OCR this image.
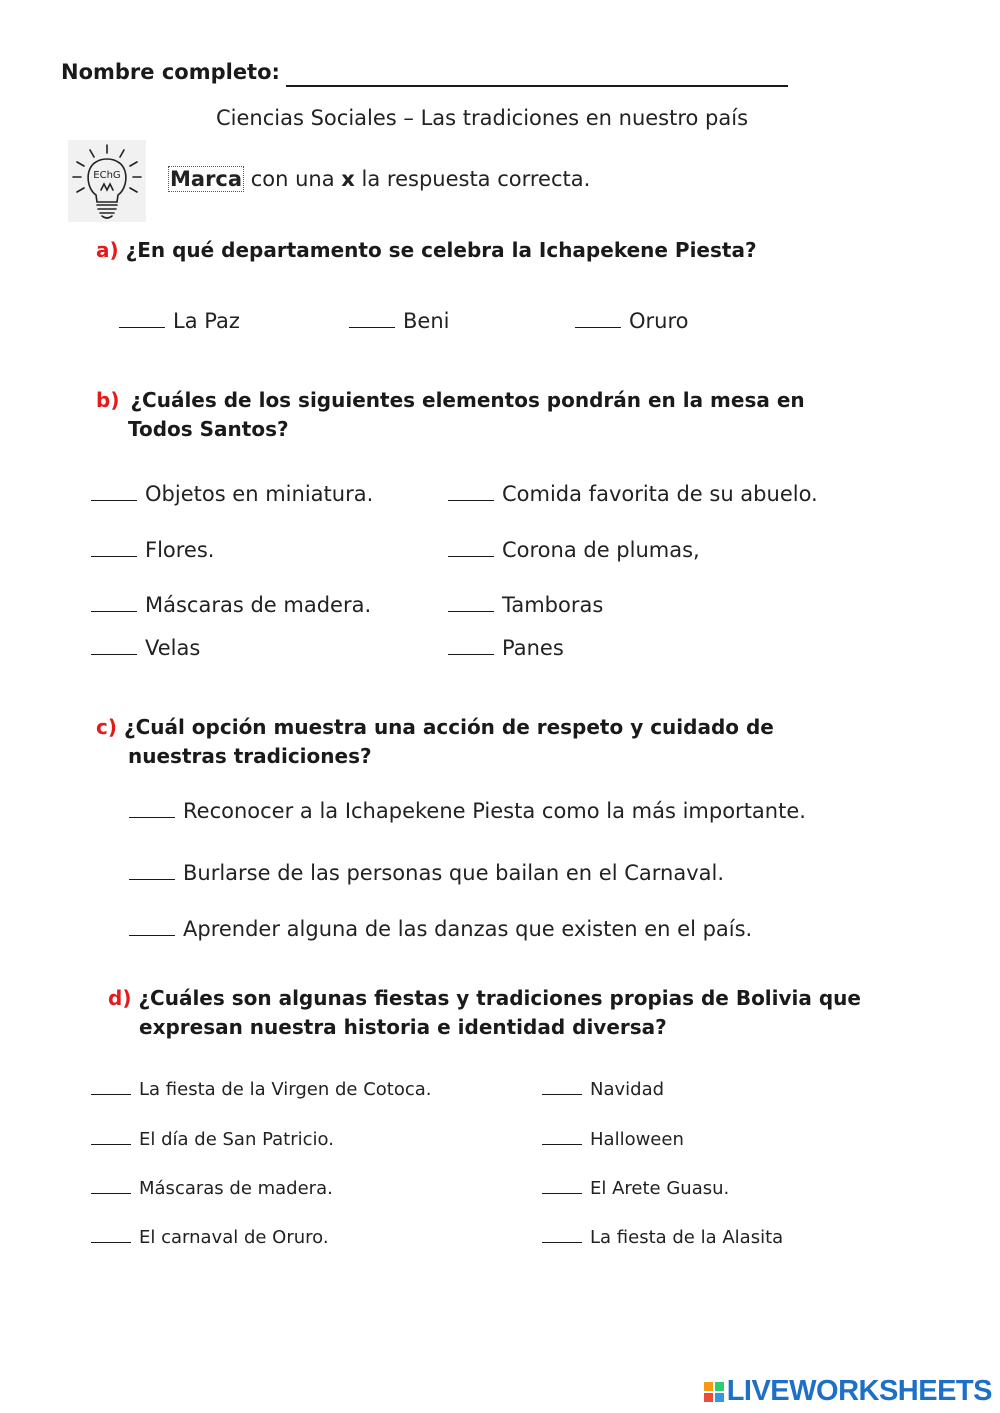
Nombre completo:
Ciencias Sociales – Las tradiciones en nuestro país
EChG Marca con una x la respuesta correcta.
a) ¿En qué departamento se celebra la Ichapekene Piesta?
La Paz	Beni	Oruro
b) ¿Cuáles de los siguientes elementos pondrán en la mesa en
Todos Santos?
Objetos en miniatura.	Comida favorita de su abuelo.
Flores.	Corona de plumas,
Máscaras de madera.	Tamboras
Velas	Panes
c) ¿Cuál opción muestra una acción de respeto y cuidado de
nuestras tradiciones?
Reconocer a la Ichapekene Piesta como la más importante.
Burlarse de las personas que bailan en el Carnaval.
Aprender alguna de las danzas que existen en el país.
d) ¿Cuáles son algunas fiestas y tradiciones propias de Bolivia que
expresan nuestra historia e identidad diversa?
La fiesta de la Virgen de Cotoca.	Navidad
El día de San Patricio.	Halloween
Máscaras de madera.	El Arete Guasu.
El carnaval de Oruro.	La fiesta de la Alasita
LIVEWORKSHEETS
